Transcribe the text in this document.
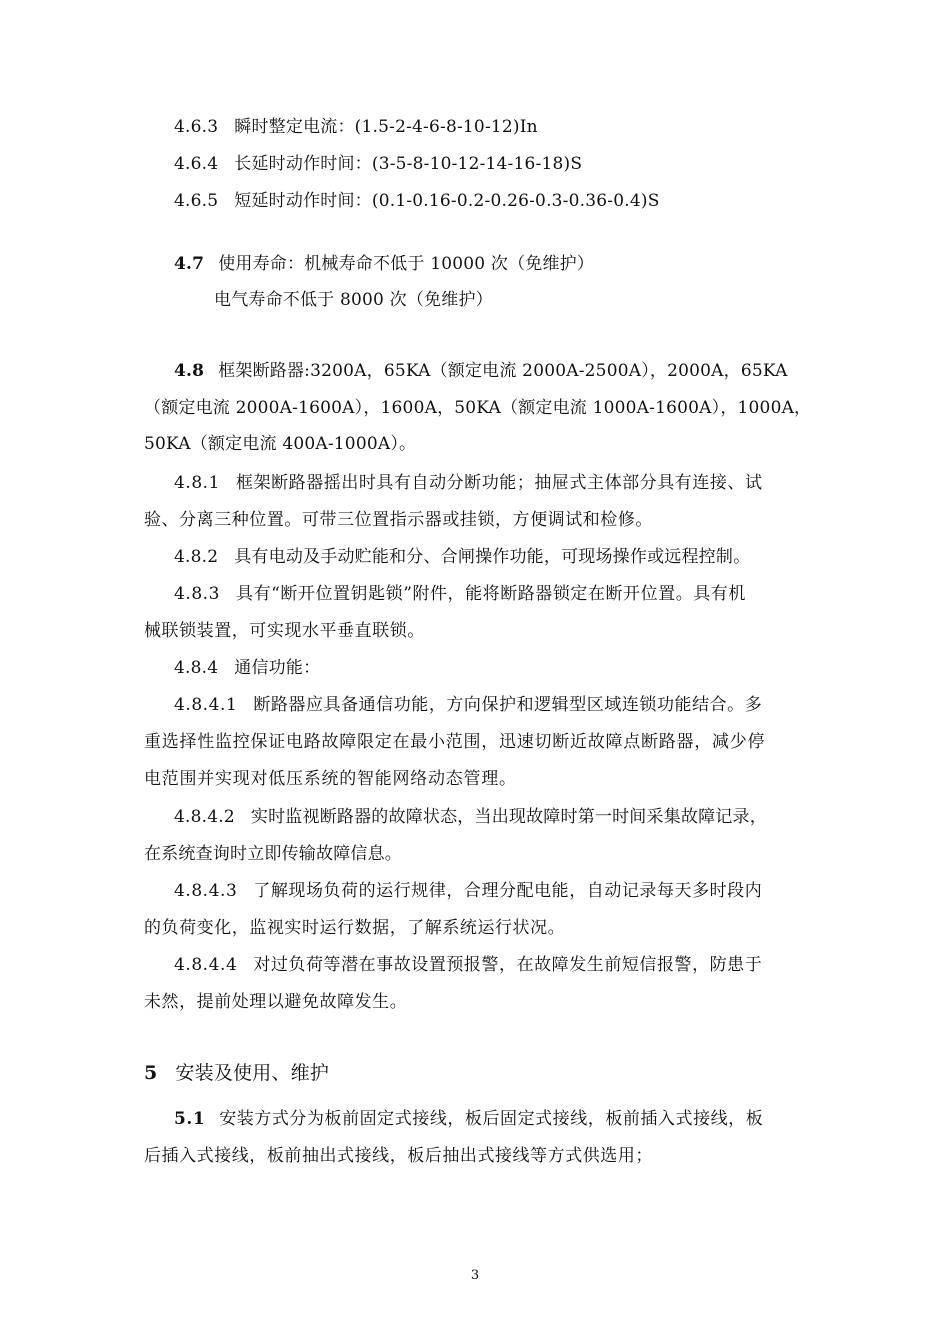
4.6.3 瞬时整定电流：(1.5-2-4-6-8-10-12)In
4.6.4 长延时动作时间：(3-5-8-10-12-14-16-18)S
4.6.5 短延时动作时间：(0.1-0.16-0.2-0.26-0.3-0.36-0.4)S
4.7 使用寿命：机械寿命不低于 10000 次（免维护）
电气寿命不低于 8000 次（免维护）
4.8 框架断路器:3200A，65KA（额定电流 2000A-2500A），2000A，65KA
（额定电流 2000A-1600A），1600A，50KA（额定电流 1000A-1600A），1000A，
50KA（额定电流 400A-1000A）。
4.8.1 框架断路器摇出时具有自动分断功能；抽屉式主体部分具有连接、试
验、分离三种位置。可带三位置指示器或挂锁，方便调试和检修。
4.8.2 具有电动及手动贮能和分、合闸操作功能，可现场操作或远程控制。
4.8.3 具有“断开位置钥匙锁”附件，能将断路器锁定在断开位置。具有机
械联锁装置，可实现水平垂直联锁。
4.8.4 通信功能：
4.8.4.1 断路器应具备通信功能，方向保护和逻辑型区域连锁功能结合。多
重选择性监控保证电路故障限定在最小范围，迅速切断近故障点断路器，减少停
电范围并实现对低压系统的智能网络动态管理。
4.8.4.2 实时监视断路器的故障状态，当出现故障时第一时间采集故障记录，
在系统查询时立即传输故障信息。
4.8.4.3 了解现场负荷的运行规律，合理分配电能，自动记录每天多时段内
的负荷变化，监视实时运行数据，了解系统运行状况。
4.8.4.4 对过负荷等潜在事故设置预报警，在故障发生前短信报警，防患于
未然，提前处理以避免故障发生。
5 安装及使用、维护
5.1 安装方式分为板前固定式接线，板后固定式接线，板前插入式接线，板
后插入式接线，板前抽出式接线，板后抽出式接线等方式供选用；
3
